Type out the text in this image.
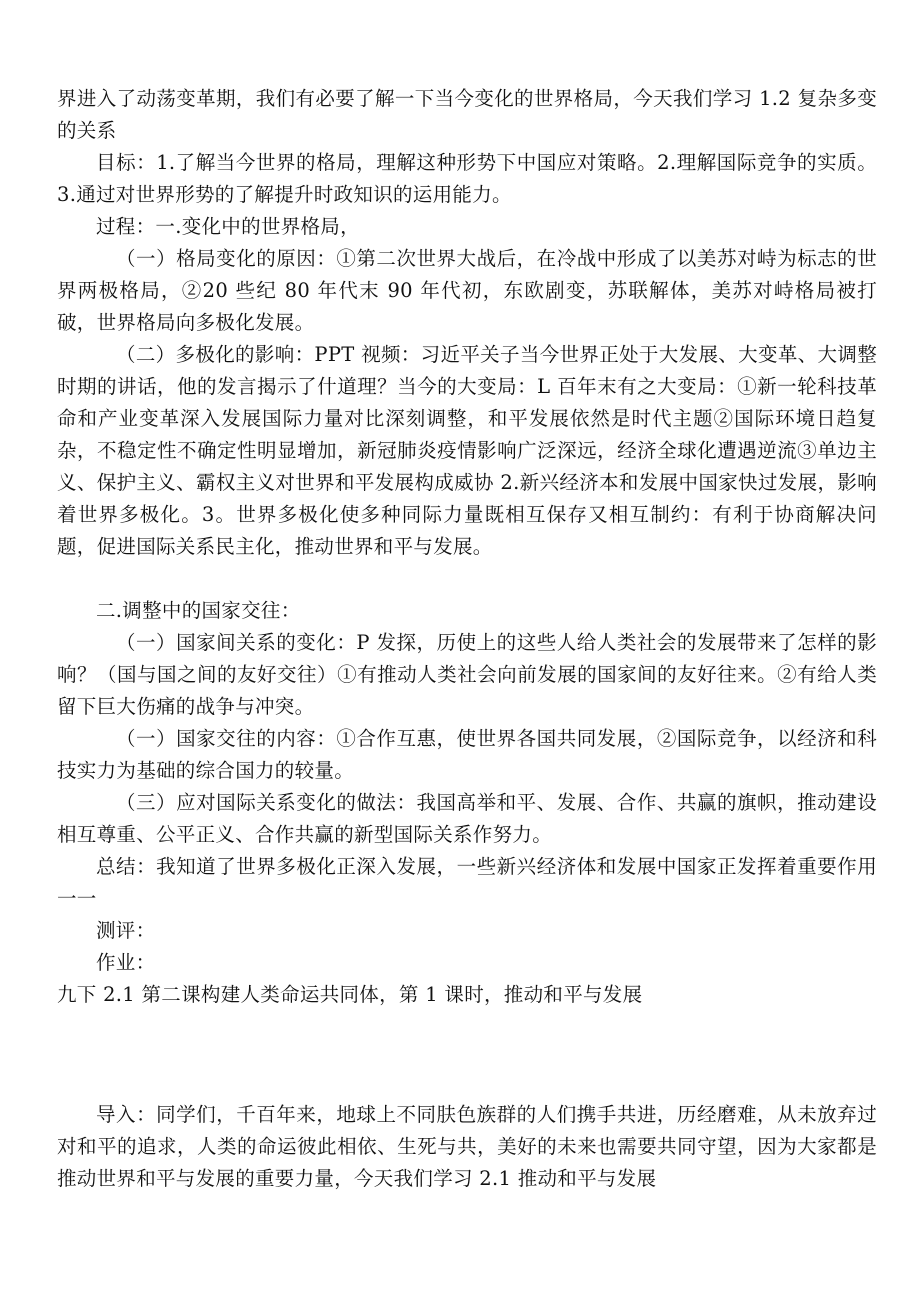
界进入了动荡变革期，我们有必要了解一下当今变化的世界格局，今天我们学习 1.2 复杂多变的关系

目标：1.了解当今世界的格局，理解这种形势下中国应对策略。2.理解国际竞争的实质。3.通过对世界形势的了解提升时政知识的运用能力。

过程：一.变化中的世界格局，

（一）格局变化的原因：①第二次世界大战后，在冷战中形成了以美苏对峙为标志的世界两极格局，②20 些纪 80 年代末 90 年代初，东欧剧变，苏联解体，美苏对峙格局被打破，世界格局向多极化发展。

（二）多极化的影响：PPT 视频：习近平关子当今世界正处于大发展、大变革、大调整时期的讲话，他的发言揭示了什道理？当今的大变局：L 百年末有之大变局：①新一轮科技革命和产业变革深入发展国际力量对比深刻调整，和平发展依然是时代主题②国际环境日趋复杂，不稳定性不确定性明显增加，新冠肺炎疫情影响广泛深远，经济全球化遭遇逆流③单边主义、保护主义、霸权主义对世界和平发展构成威协 2.新兴经济本和发展中国家快过发展，影响着世界多极化。3。世界多极化使多种同际力量既相互保存又相互制约：有利于协商解决问题，促进国际关系民主化，推动世界和平与发展。

二.调整中的国家交往：

（一）国家间关系的变化：P 发探，历使上的这些人给人类社会的发展带来了怎样的影响？（国与国之间的友好交往）①有推动人类社会向前发展的国家间的友好往来。②有给人类留下巨大伤痛的战争与冲突。

（一）国家交往的内容：①合作互惠，使世界各国共同发展，②国际竞争，以经济和科技实力为基础的综合国力的较量。

（三）应对国际关系变化的做法：我国高举和平、发展、合作、共赢的旗帜，推动建设相互尊重、公平正义、合作共赢的新型国际关系作努力。

总结：我知道了世界多极化正深入发展，一些新兴经济体和发展中国家正发挥着重要作用一一

测评：

作业：

九下 2.1 第二课构建人类命运共同体，第 1 课时，推动和平与发展

导入：同学们，千百年来，地球上不同肤色族群的人们携手共进，历经磨难，从未放弃过对和平的追求，人类的命运彼此相依、生死与共，美好的未来也需要共同守望，因为大家都是推动世界和平与发展的重要力量，今天我们学习 2.1 推动和平与发展
